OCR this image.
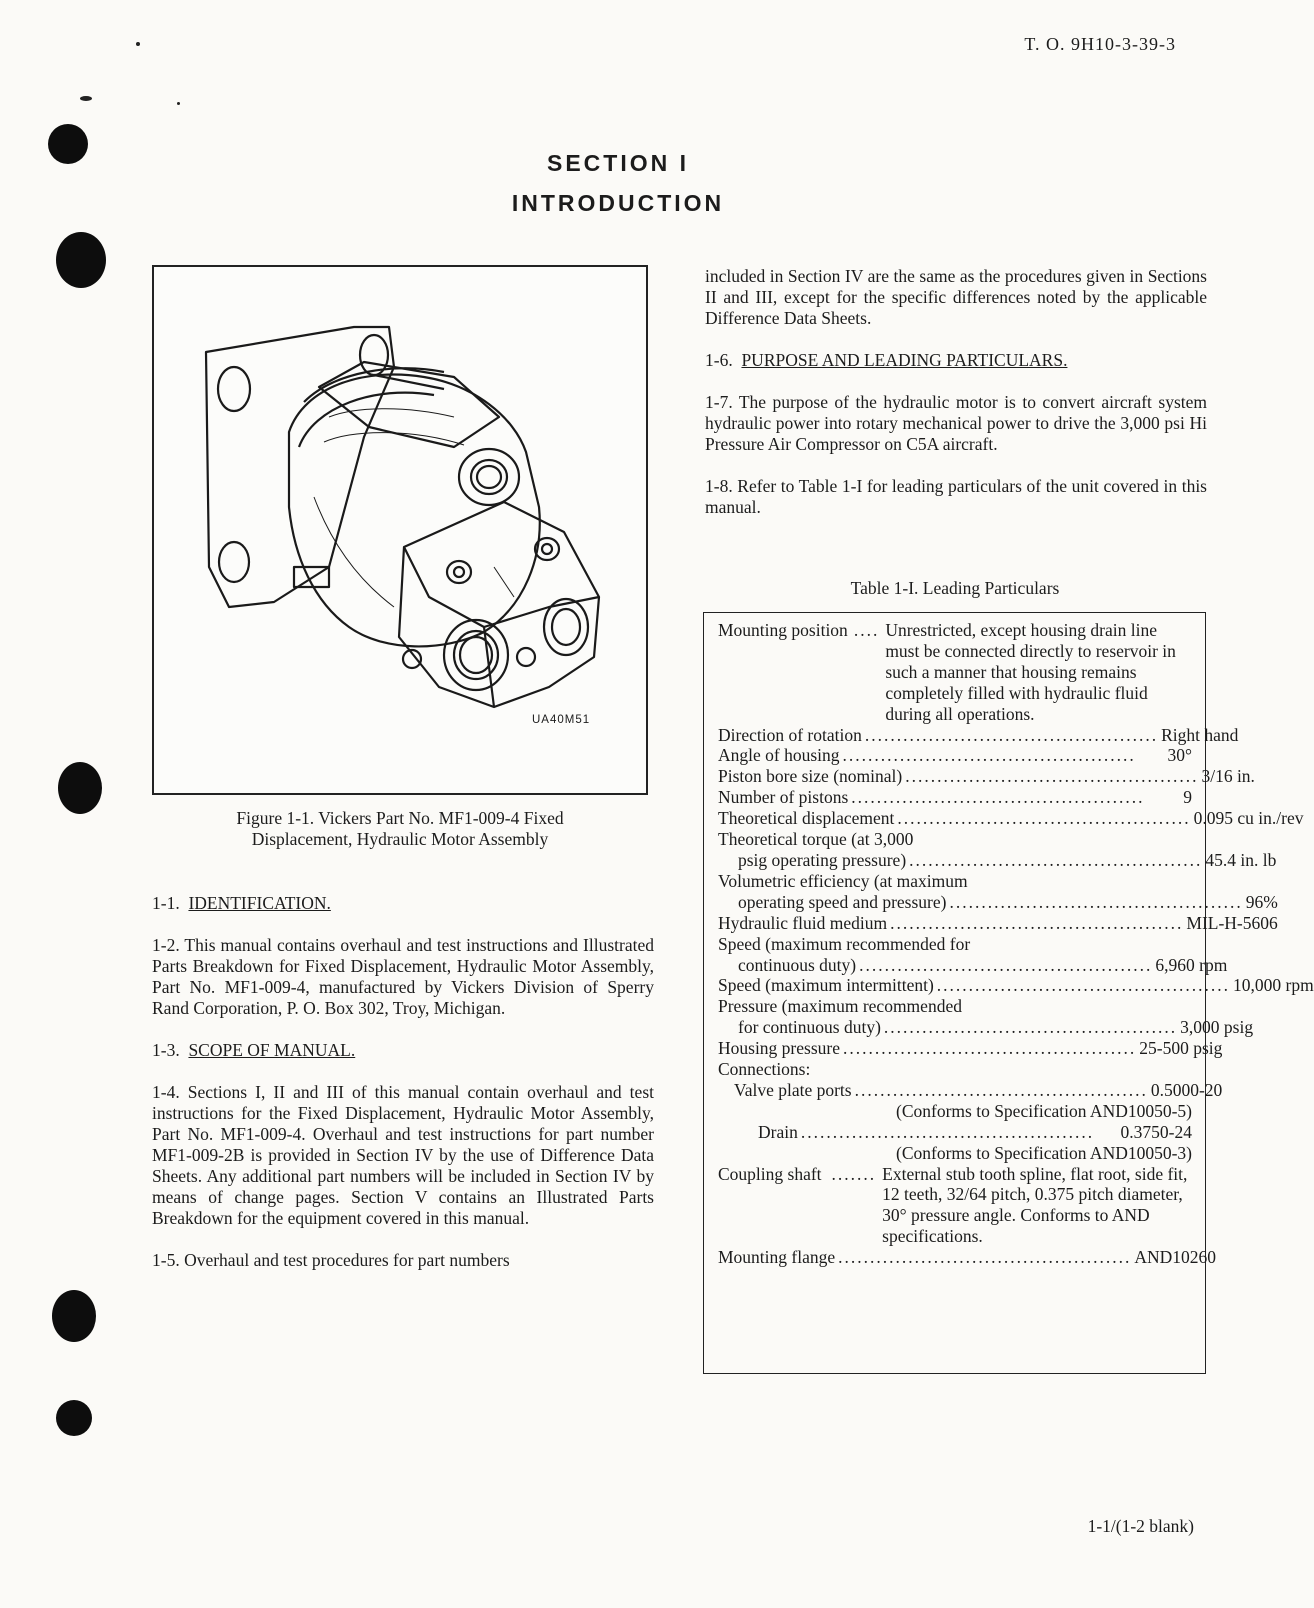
T. O. 9H10-3-39-3
SECTION I
INTRODUCTION
UA40M51
Figure 1-1. Vickers Part No. MF1-009-4 Fixed
Displacement, Hydraulic Motor Assembly

1-1. IDENTIFICATION.

1-2. This manual contains overhaul and test instructions and Illustrated Parts Breakdown for Fixed Displacement, Hydraulic Motor Assembly, Part No. MF1-009-4, manufactured by Vickers Division of Sperry Rand Corporation, P. O. Box 302, Troy, Michigan.

1-3. SCOPE OF MANUAL.

1-4. Sections I, II and III of this manual contain overhaul and test instructions for the Fixed Displacement, Hydraulic Motor Assembly, Part No. MF1-009-4. Overhaul and test instructions for part number MF1-009-2B is provided in Section IV by the use of Difference Data Sheets. Any additional part numbers will be included in Section IV by means of change pages. Section V contains an Illustrated Parts Breakdown for the equipment covered in this manual.

1-5. Overhaul and test procedures for part numbers

included in Section IV are the same as the procedures given in Sections II and III, except for the specific differences noted by the applicable Difference Data Sheets.

1-6. PURPOSE AND LEADING PARTICULARS.

1-7. The purpose of the hydraulic motor is to convert aircraft system hydraulic power into rotary mechanical power to drive the 3,000 psi Hi Pressure Air Compressor on C5A aircraft.

1-8. Refer to Table 1-I for leading particulars of the unit covered in this manual.

Table 1-I. Leading Particulars
Mounting position .... Unrestricted, except housing drain line must be connected directly to reservoir in such a manner that housing remains completely filled with hydraulic fluid during all operations.
Direction of rotation .............................................. Right hand
Angle of housing ..............................................	30°
Piston bore size (nominal) .............................................. 3/16 in.
Number of pistons ..............................................	9
Theoretical displacement .............................................. 0.095 cu in./rev
Theoretical torque (at 3,000
psig operating pressure) .............................................. 45.4 in. lb
Volumetric efficiency (at maximum
operating speed and pressure) .............................................. 96%
Hydraulic fluid medium .............................................. MIL-H-5606
Speed (maximum recommended for
continuous duty) .............................................. 6,960 rpm
Speed (maximum intermittent) .............................................. 10,000 rpm
Pressure (maximum recommended
for continuous duty) .............................................. 3,000 psig
Housing pressure .............................................. 25-500 psig
Connections:
Valve plate ports .............................................. 0.5000-20
(Conforms to Specification AND10050-5)
Drain ..............................................	0.3750-24
(Conforms to Specification AND10050-3)
Coupling shaft ....... External stub tooth spline, flat root, side fit, 12 teeth, 32/64 pitch, 0.375 pitch diameter, 30° pressure angle. Conforms to AND specifications.
Mounting flange .............................................. AND10260
1-1/(1-2 blank)
